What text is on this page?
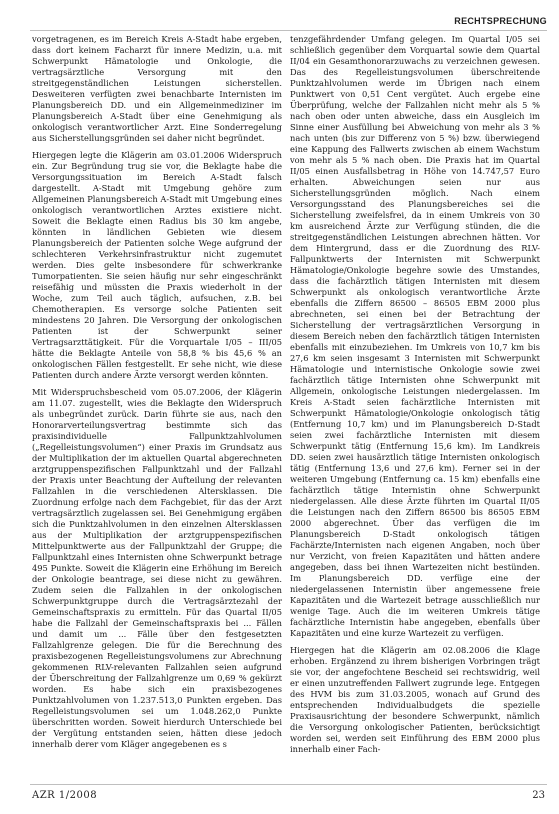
RECHTSPRECHUNG

vorgetragenen, es im Bereich Kreis A-Stadt habe ergeben, dass dort keinem Facharzt für innere Medizin, u.a. mit Schwerpunkt Hämatologie und Onkologie, die vertragsärztliche Versorgung mit den streitgegenständlichen Leistungen sicherstellen. Desweiteren verfügten zwei benachbarte Internisten im Planungsbereich DD. und ein Allgemeinmediziner im Planungsbereich A-Stadt über eine Genehmigung als onkologisch verantwortlicher Arzt. Eine Sonderregelung aus Sicherstellungsgründen sei daher nicht begründet.

Hiergegen legte die Klägerin am 03.01.2006 Widerspruch ein. Zur Begründung trug sie vor, die Beklagte habe die Versorgungssituation im Bereich A-Stadt falsch dargestellt. A-Stadt mit Umgebung gehöre zum Allgemeinen Planungsbereich A-Stadt mit Umgebung eines onkologisch verantwortlichen Arztes existiere nicht. Soweit die Beklagte einen Radius bis 30 km angebe, könnten in ländlichen Gebieten wie diesem Planungsbereich der Patienten solche Wege aufgrund der schlechteren Verkehrsinfrastruktur nicht zugemutet werden. Dies gelte insbesondere für schwerkranke Tumorpatienten. Sie seien häufig nur sehr eingeschränkt reisefähig und müssten die Praxis wiederholt in der Woche, zum Teil auch täglich, aufsuchen, z.B. bei Chemotherapien. Es versorge solche Patienten seit mindestens 20 Jahren. Die Versorgung der onkologischen Patienten ist der Schwerpunkt seiner Vertragsarzttätigkeit. Für die Vorquartale I/05 – III/05 hätte die Beklagte Anteile von 58,8 % bis 45,6 % an onkologischen Fällen festgestellt. Er sehe nicht, wie diese Patienten durch andere Ärzte versorgt werden könnten.

Mit Widerspruchsbescheid vom 05.07.2006, der Klägerin am 11.07. zugestellt, wies die Beklagte den Widerspruch als unbegründet zurück. Darin führte sie aus, nach den Honorarverteilungsvertrag bestimmte sich das praxisindividuelle Fallpunktzahlvolumen („Regelleistungsvolumen“) einer Praxis im Grundsatz aus der Multiplikation der im aktuellen Quartal abgerechneten arztgruppenspezifischen Fallpunktzahl und der Fallzahl der Praxis unter Beachtung der Aufteilung der relevanten Fallzahlen in die verschiedenen Altersklassen. Die Zuordnung erfolge nach dem Fachgebiet, für das der Arzt vertragsärztlich zugelassen sei. Bei Genehmigung ergäben sich die Punktzahlvolumen in den einzelnen Altersklassen aus der Multiplikation der arztgruppenspezifischen Mittelpunktwerte aus der Fallpunktzahl der Gruppe; die Fallpunktzahl eines Internisten ohne Schwerpunkt betrage 495 Punkte. Soweit die Klägerin eine Erhöhung im Bereich der Onkologie beantrage, sei diese nicht zu gewähren. Zudem seien die Fallzahlen in der onkologischen Schwerpunktgruppe durch die Vertragsärztezahl der Gemeinschaftspraxis zu ermitteln. Für das Quartal II/05 habe die Fallzahl der Gemeinschaftspraxis bei ... Fällen und damit um ... Fälle über den festgesetzten Fallzahlgrenze gelegen. Die für die Berechnung des praxisbezogenen Regelleistungsvolumens zur Abrechnung gekommenen RLV-relevanten Fallzahlen seien aufgrund der Überschreitung der Fallzahlgrenze um 0,69 % gekürzt worden. Es habe sich ein praxisbezogenes Punktzahlvolumen von 1.237.513,0 Punkten ergeben. Das Regelleistungsvolumen sei um 1.048.262,0 Punkte überschritten worden. Soweit hierdurch Unterschiede bei der Vergütung entstanden seien, hätten diese jedoch innerhalb derer vom Kläger angegebenen es s

tenzgefährdender Umfang gelegen. Im Quartal I/05 sei schließlich gegenüber dem Vorquartal sowie dem Quartal II/04 ein Gesamthonorarzuwachs zu verzeichnen gewesen. Das des Regelleistungsvolumen überschreitende Punktzahlvolumen werde im Übrigen nach einem Punktwert von 0,51 Cent vergütet. Auch ergebe eine Überprüfung, welche der Fallzahlen nicht mehr als 5 % nach oben oder unten abweiche, dass ein Ausgleich im Sinne einer Ausfüllung bei Abweichung von mehr als 3 % nach unten (bis zur Differenz von 5 %) bzw. überwiegend eine Kappung des Fallwerts zwischen ab einem Wachstum von mehr als 5 % nach oben. Die Praxis hat im Quartal II/05 einen Ausfallsbetrag in Höhe von 14.747,57 Euro erhalten. Abweichungen seien nur aus Sicherstellungsgründen möglich. Nach einem Versorgungsstand des Planungsbereiches sei die Sicherstellung zweifelsfrei, da in einem Umkreis von 30 km ausreichend Ärzte zur Verfügung stünden, die die streitgegenständlichen Leistungen abrechnen hätten. Vor dem Hintergrund, dass er die Zuordnung des RLV-Fallpunktwerts der Internisten mit Schwerpunkt Hämatologie/Onkologie begehre sowie des Umstandes, dass die fachärztlich tätigen Internisten mit diesem Schwerpunkt als onkologisch verantwortliche Ärzte ebenfalls die Ziffern 86500 – 86505 EBM 2000 plus abrechneten, sei einen bei der Betrachtung der Sicherstellung der vertragsärztlichen Versorgung in diesem Bereich neben den fachärztlich tätigen Internisten ebenfalls mit einzubeziehen. Im Umkreis von 10,7 km bis 27,6 km seien insgesamt 3 Internisten mit Schwerpunkt Hämatologie und internistische Onkologie sowie zwei fachärztlich tätige Internisten ohne Schwerpunkt mit Allgemein, onkologische Leistungen niedergelassen. Im Kreis A-Stadt seien fachärztliche Internisten mit Schwerpunkt Hämatologie/Onkologie onkologisch tätig (Entfernung 10,7 km) und im Planungsbereich D-Stadt seien zwei fachärztliche Internisten mit diesem Schwerpunkt tätig (Entfernung 15,6 km). Im Landkreis DD. seien zwei hausärztlich tätige Internisten onkologisch tätig (Entfernung 13,6 und 27,6 km). Ferner sei in der weiteren Umgebung (Entfernung ca. 15 km) ebenfalls eine fachärztlich tätige Internistin ohne Schwerpunkt niedergelassen. Alle diese Ärzte führten im Quartal II/05 die Leistungen nach den Ziffern 86500 bis 86505 EBM 2000 abgerechnet. Über das verfügen die im Planungsbereich D-Stadt onkologisch tätigen Fachärzte/Internisten nach eigenen Angaben, noch über nur Verzicht, von freien Kapazitäten und hätten andere angegeben, dass bei ihnen Wartezeiten nicht bestünden. Im Planungsbereich DD. verfüge eine der niedergelassenen Internistin über angemessene freie Kapazitäten und die Wartezeit betrage ausschließlich nur wenige Tage. Auch die im weiteren Umkreis tätige fachärztliche Internistin habe angegeben, ebenfalls über Kapazitäten und eine kurze Wartezeit zu verfügen.

Hiergegen hat die Klägerin am 02.08.2006 die Klage erhoben. Ergänzend zu ihrem bisherigen Vorbringen trägt sie vor, der angefochtene Bescheid sei rechtswidrig, weil er einen unzutreffenden Fallwert zugrunde lege. Entgegen des HVM bis zum 31.03.2005, wonach auf Grund des entsprechenden Individualbudgets die spezielle Praxisausrichtung der besondere Schwerpunkt, nämlich die Versorgung onkologischer Patienten, berücksichtigt worden sei, werden seit Einführung des EBM 2000 plus innerhalb einer Fach-

AZR 1/2008	23
